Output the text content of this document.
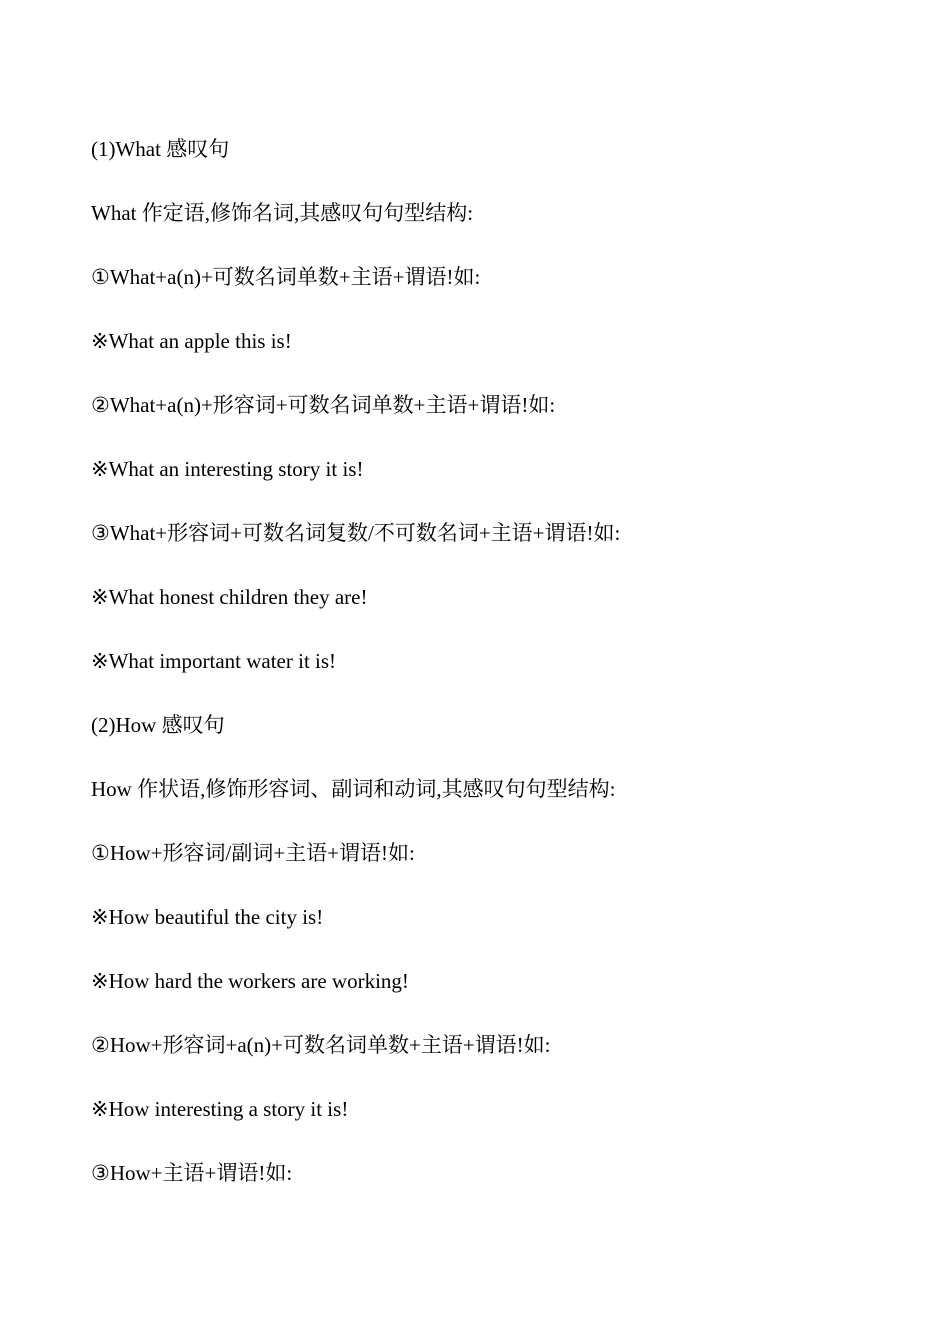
(1)What 感叹句
What 作定语,修饰名词,其感叹句句型结构:
①What+a(n)+可数名词单数+主语+谓语!如:
※What an apple this is!
②What+a(n)+形容词+可数名词单数+主语+谓语!如:
※What an interesting story it is!
③What+形容词+可数名词复数/不可数名词+主语+谓语!如:
※What honest children they are!
※What important water it is!
(2)How 感叹句
How 作状语,修饰形容词、副词和动词,其感叹句句型结构:
①How+形容词/副词+主语+谓语!如:
※How beautiful the city is!
※How hard the workers are working!
②How+形容词+a(n)+可数名词单数+主语+谓语!如:
※How interesting a story it is!
③How+主语+谓语!如:
